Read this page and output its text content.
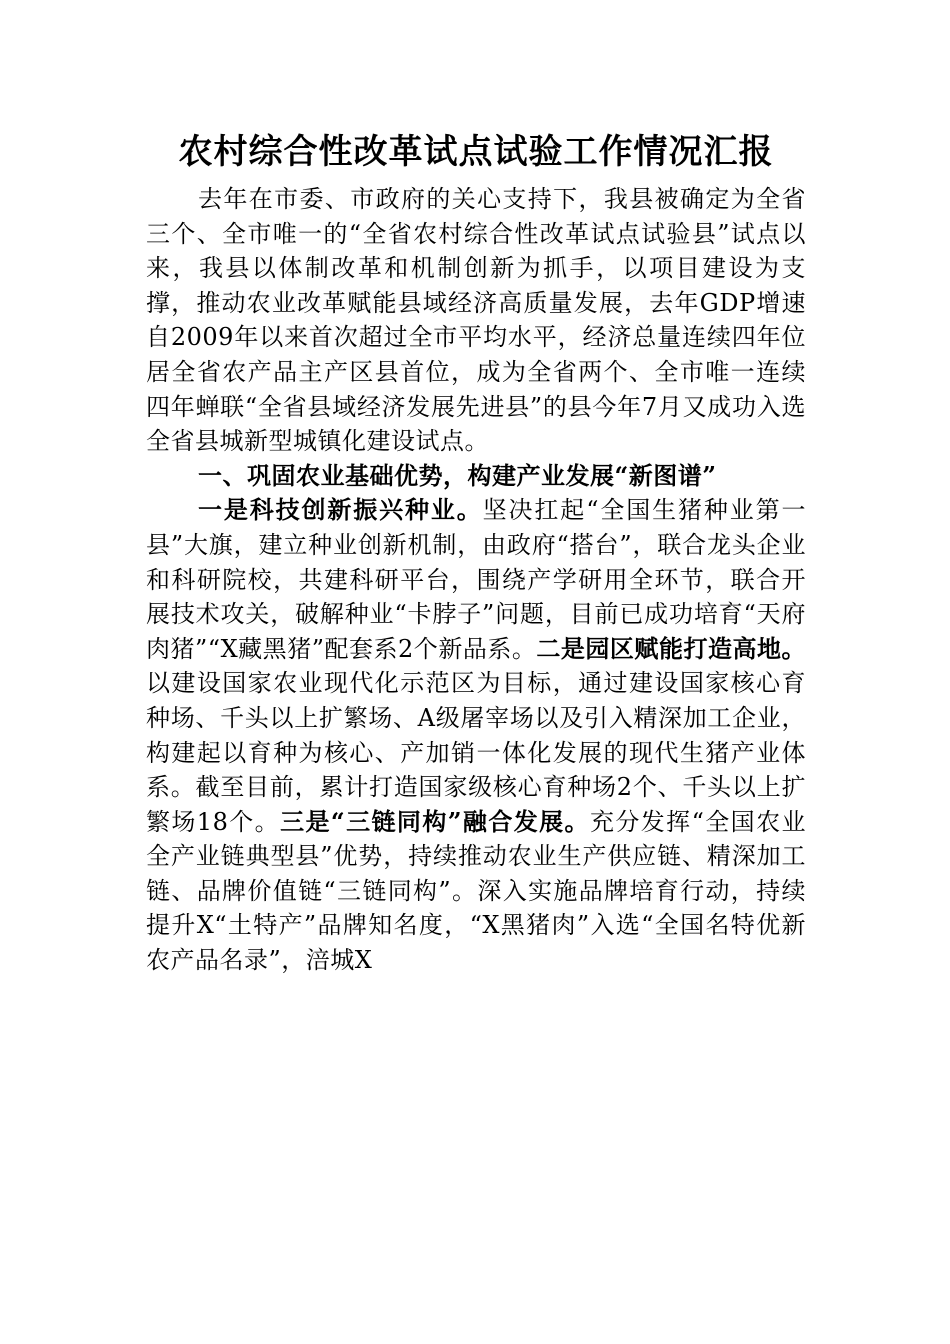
农村综合性改革试点试验工作情况汇报

去年在市委、市政府的关心支持下，我县被确定为全省三个、全市唯一的“全省农村综合性改革试点试验县”试点以来，我县以体制改革和机制创新为抓手，以项目建设为支撑，推动农业改革赋能县域经济高质量发展，去年GDP增速自2009年以来首次超过全市平均水平，经济总量连续四年位居全省农产品主产区县首位，成为全省两个、全市唯一连续四年蝉联“全省县域经济发展先进县”的县今年7月又成功入选全省县城新型城镇化建设试点。

一、巩固农业基础优势，构建产业发展“新图谱”

一是科技创新振兴种业。坚决扛起“全国生猪种业第一县”大旗，建立种业创新机制，由政府“搭台”，联合龙头企业和科研院校，共建科研平台，围绕产学研用全环节，联合开展技术攻关，破解种业“卡脖子”问题，目前已成功培育“天府肉猪”“X藏黑猪”配套系2个新品系。二是园区赋能打造高地。以建设国家农业现代化示范区为目标，通过建设国家核心育种场、千头以上扩繁场、A级屠宰场以及引入精深加工企业，构建起以育种为核心、产加销一体化发展的现代生猪产业体系。截至目前，累计打造国家级核心育种场2个、千头以上扩繁场18个。三是“三链同构”融合发展。充分发挥“全国农业全产业链典型县”优势，持续推动农业生产供应链、精深加工链、品牌价值链“三链同构”。深入实施品牌培育行动，持续提升X“土特产”品牌知名度，“X黑猪肉”入选“全国名特优新农产品名录”，涪城X
